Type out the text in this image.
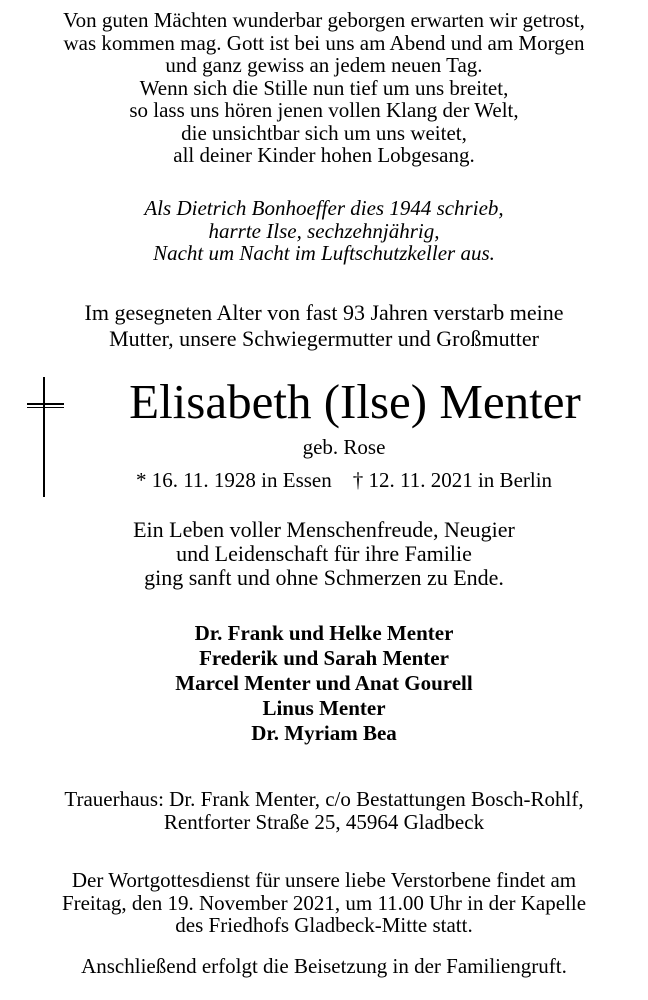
Von guten Mächten wunderbar geborgen erwarten wir getrost,
was kommen mag. Gott ist bei uns am Abend und am Morgen
und ganz gewiss an jedem neuen Tag.
Wenn sich die Stille nun tief um uns breitet,
so lass uns hören jenen vollen Klang der Welt,
die unsichtbar sich um uns weitet,
all deiner Kinder hohen Lobgesang.
Als Dietrich Bonhoeffer dies 1944 schrieb,
harrte Ilse, sechzehnjährig,
Nacht um Nacht im Luftschutzkeller aus.
Im gesegneten Alter von fast 93 Jahren verstarb meine
Mutter, unsere Schwiegermutter und Großmutter
Elisabeth (Ilse) Menter
geb. Rose
* 16. 11. 1928 in Essen    † 12. 11. 2021 in Berlin
Ein Leben voller Menschenfreude, Neugier
und Leidenschaft für ihre Familie
ging sanft und ohne Schmerzen zu Ende.
Dr. Frank und Helke Menter
Frederik und Sarah Menter
Marcel Menter und Anat Gourell
Linus Menter
Dr. Myriam Bea
Trauerhaus: Dr. Frank Menter, c/o Bestattungen Bosch-Rohlf,
Rentforter Straße 25, 45964 Gladbeck
Der Wortgottesdienst für unsere liebe Verstorbene findet am
Freitag, den 19. November 2021, um 11.00 Uhr in der Kapelle
des Friedhofs Gladbeck-Mitte statt.
Anschließend erfolgt die Beisetzung in der Familiengruft.
